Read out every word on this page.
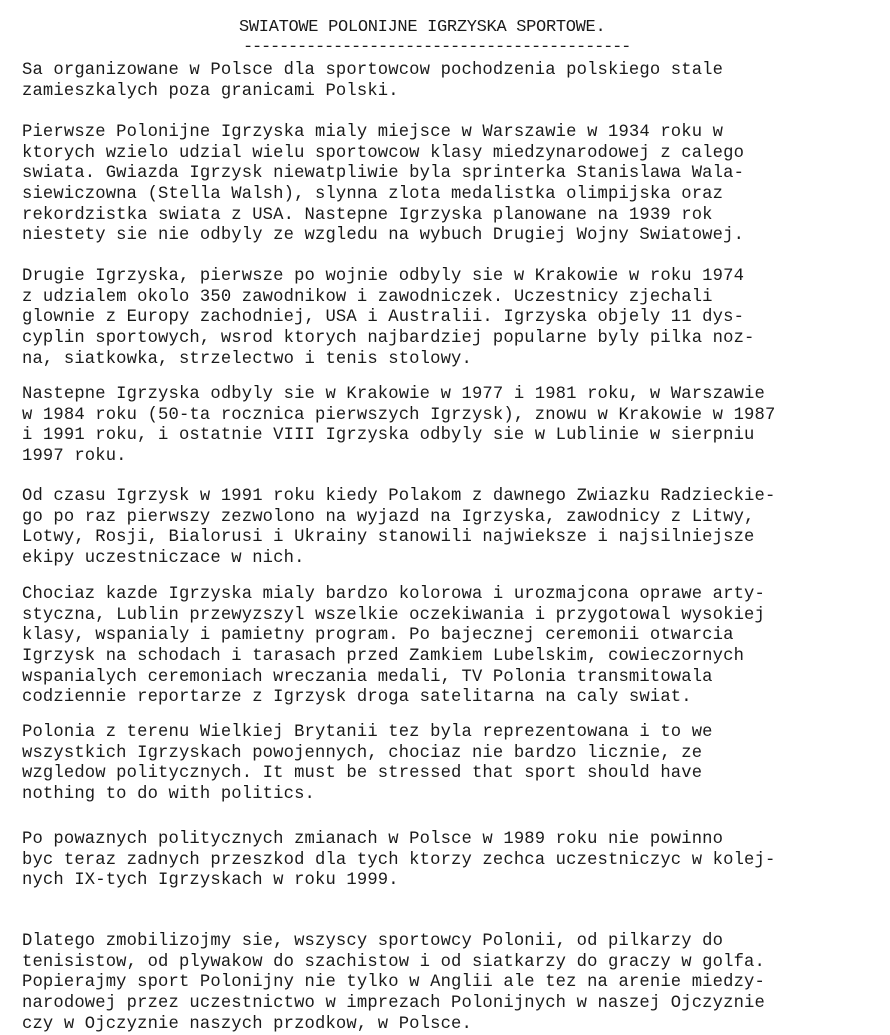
SWIATOWE POLONIJNE IGRZYSKA SPORTOWE.
-------------------------------------------
Sa organizowane w Polsce dla sportowcow pochodzenia polskiego stale
zamieszkalych poza granicami Polski.
Pierwsze Polonijne Igrzyska mialy miejsce w Warszawie w 1934 roku w
ktorych wzielo udzial wielu sportowcow klasy miedzynarodowej z calego
swiata. Gwiazda Igrzysk niewatpliwie byla sprinterka Stanislawa Wala-
siewiczowna (Stella Walsh), slynna zlota medalistka olimpijska oraz
rekordzistka swiata z USA. Nastepne Igrzyska planowane na 1939 rok
niestety sie nie odbyly ze wzgledu na wybuch Drugiej Wojny Swiatowej.
Drugie Igrzyska, pierwsze po wojnie odbyly sie w Krakowie w roku 1974
z udzialem okolo 350 zawodnikow i zawodniczek. Uczestnicy zjechali
glownie z Europy zachodniej, USA i Australii. Igrzyska objely 11 dys-
cyplin sportowych, wsrod ktorych najbardziej popularne byly pilka noz-
na, siatkowka, strzelectwo i tenis stolowy.
Nastepne Igrzyska odbyly sie w Krakowie w 1977 i 1981 roku, w Warszawie
w 1984 roku (50-ta rocznica pierwszych Igrzysk), znowu w Krakowie w 1987
i 1991 roku, i ostatnie VIII Igrzyska odbyly sie w Lublinie w sierpniu
1997 roku.
Od czasu Igrzysk w 1991 roku kiedy Polakom z dawnego Zwiazku Radzieckie-
go po raz pierwszy zezwolono na wyjazd na Igrzyska, zawodnicy z Litwy,
Lotwy, Rosji, Bialorusi i Ukrainy stanowili najwieksze i najsilniejsze
ekipy uczestniczace w nich.
Chociaz kazde Igrzyska mialy bardzo kolorowa i urozmajcona oprawe arty-
styczna, Lublin przewyzszyl wszelkie oczekiwania i przygotowal wysokiej
klasy, wspanialy i pamietny program. Po bajecznej ceremonii otwarcia
Igrzysk na schodach i tarasach przed Zamkiem Lubelskim, cowieczornych
wspanialych ceremoniach wreczania medali, TV Polonia transmitowala
codziennie reportarze z Igrzysk droga satelitarna na caly swiat.
Polonia z terenu Wielkiej Brytanii tez byla reprezentowana i to we
wszystkich Igrzyskach powojennych, chociaz nie bardzo licznie, ze
wzgledow politycznych. It must be stressed that sport should have
nothing to do with politics.
Po powaznych politycznych zmianach w Polsce w 1989 roku nie powinno
byc teraz zadnych przeszkod dla tych ktorzy zechca uczestniczyc w kolej-
nych IX-tych Igrzyskach w roku 1999.
Dlatego zmobilizojmy sie, wszyscy sportowcy Polonii, od pilkarzy do
tenisistow, od plywakow do szachistow i od siatkarzy do graczy w golfa.
Popierajmy sport Polonijny nie tylko w Anglii ale tez na arenie miedzy-
narodowej przez uczestnictwo w imprezach Polonijnych w naszej Ojczyznie
czy w Ojczyznie naszych przodkow, w Polsce.
